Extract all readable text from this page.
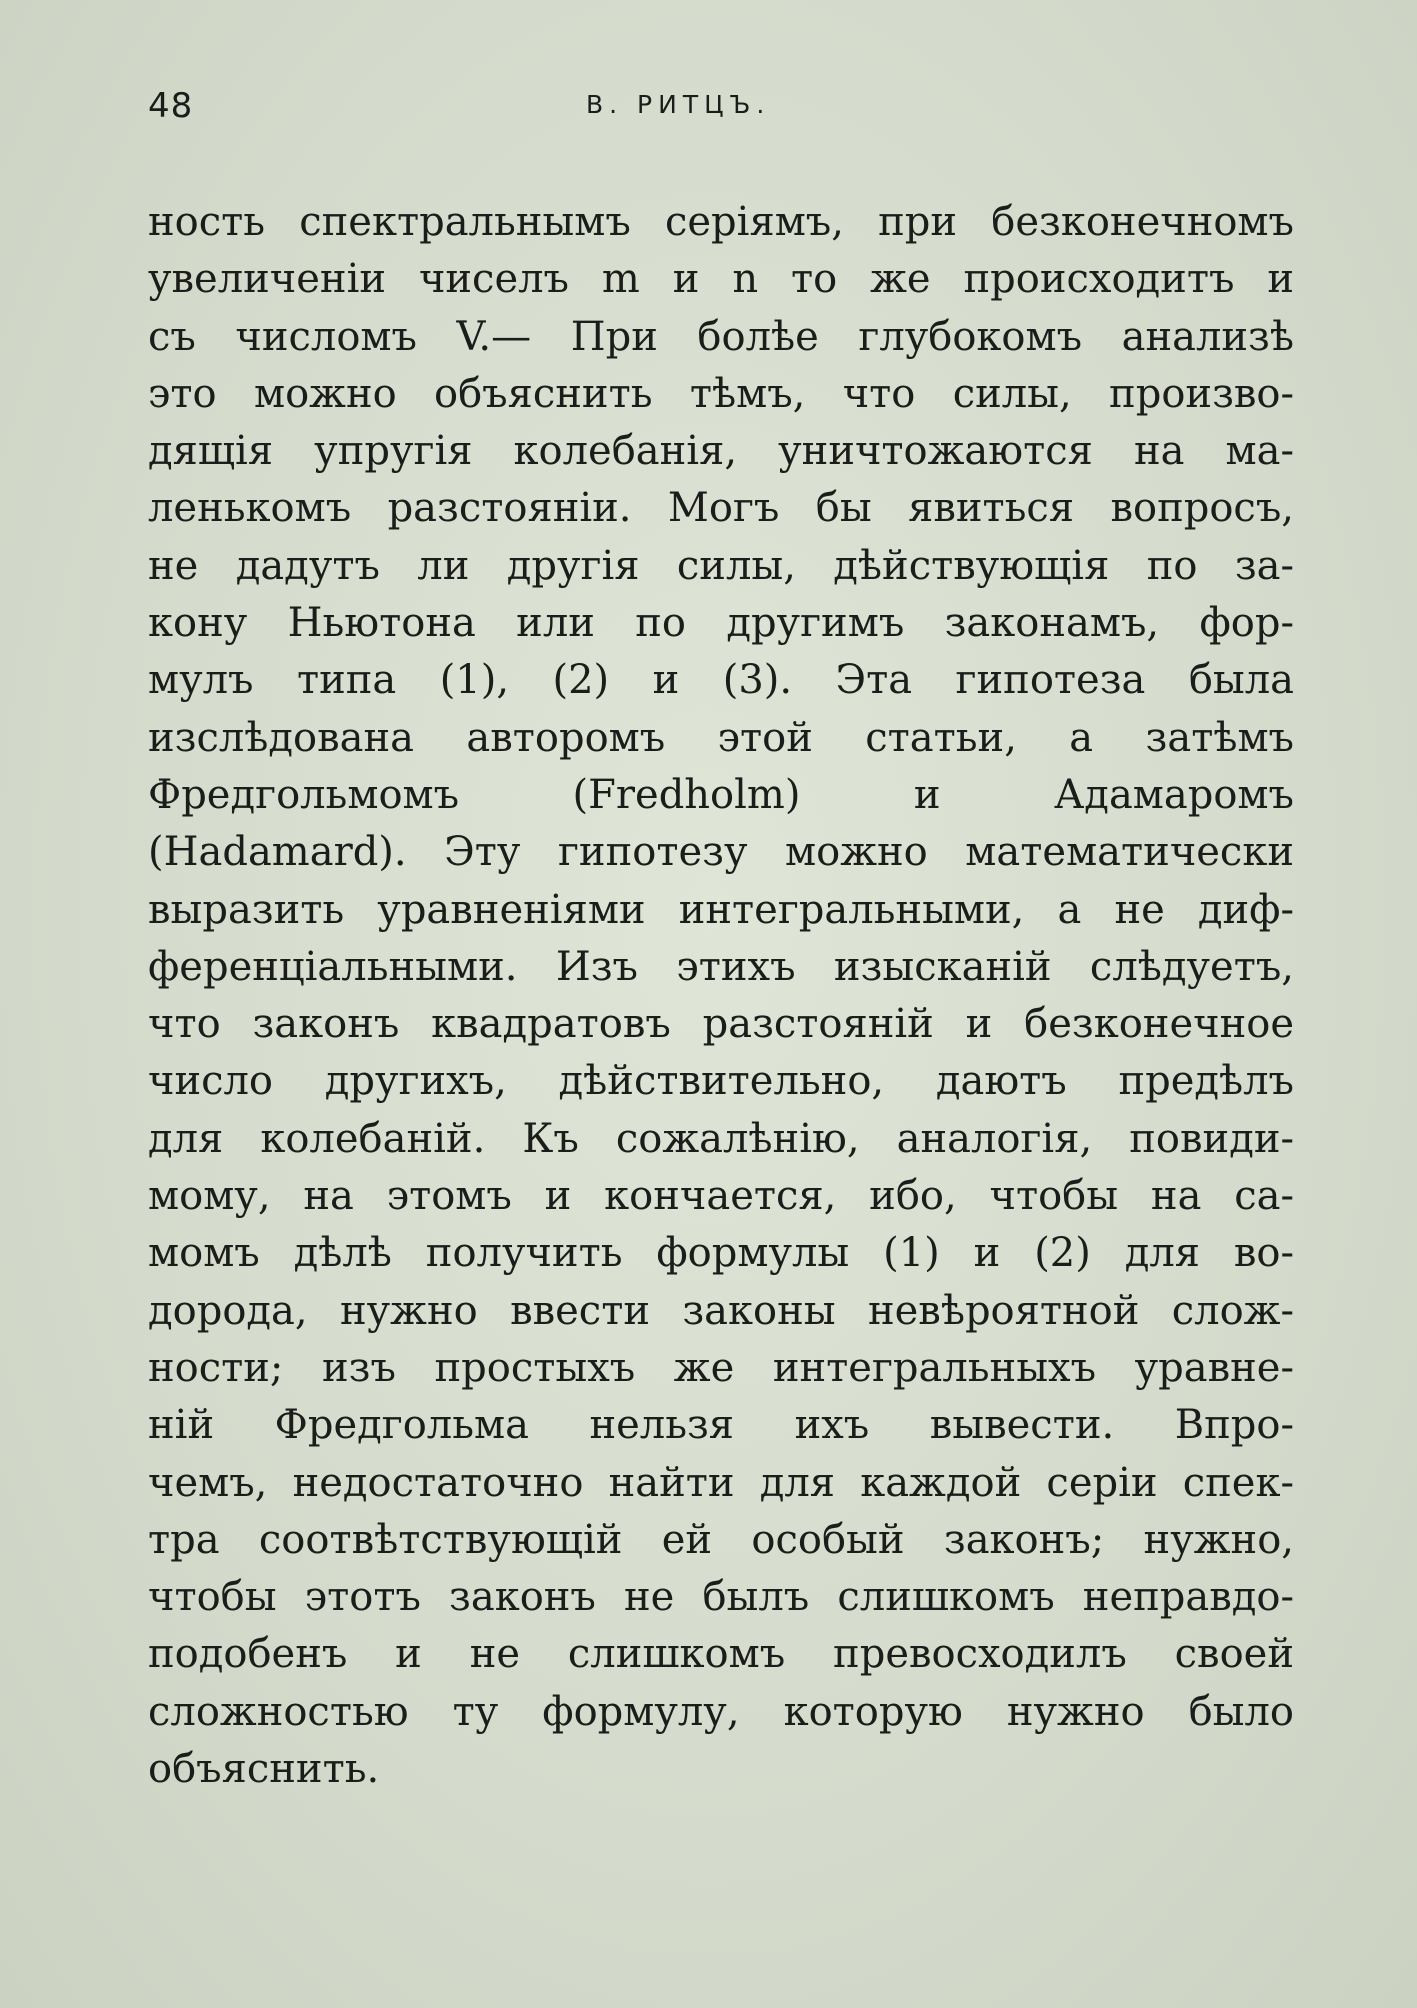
48	В. РИТЦЪ.
ность спектральнымъ серіямъ, при безконечномъ
увеличеніи чиселъ m и n то же происходитъ и
съ числомъ V.— При болѣе глубокомъ анализѣ
это можно объяснить тѣмъ, что силы, произво-
дящія упругія колебанія, уничтожаются на ма-
ленькомъ разстояніи. Могъ бы явиться вопросъ,
не дадутъ ли другія силы, дѣйствующія по за-
кону Ньютона или по другимъ законамъ, фор-
мулъ типа (1), (2) и (3). Эта гипотеза была
изслѣдована авторомъ этой статьи, а затѣмъ
Фредгольмомъ (Fredholm) и Адамаромъ
(Hadamard). Эту гипотезу можно математически
выразить уравненіями интегральными, а не диф-
ференціальными. Изъ этихъ изысканій слѣдуетъ,
что законъ квадратовъ разстояній и безконечное
число другихъ, дѣйствительно, даютъ предѣлъ
для колебаній. Къ сожалѣнію, аналогія, повиди-
мому, на этомъ и кончается, ибо, чтобы на са-
момъ дѣлѣ получить формулы (1) и (2) для во-
дорода, нужно ввести законы невѣроятной слож-
ности; изъ простыхъ же интегральныхъ уравне-
ній Фредгольма нельзя ихъ вывести. Впро-
чемъ, недостаточно найти для каждой серіи спек-
тра соотвѣтствующій ей особый законъ; нужно,
чтобы этотъ законъ не былъ слишкомъ неправдо-
подобенъ и не слишкомъ превосходилъ своей
сложностью ту формулу, которую нужно было
объяснить.
